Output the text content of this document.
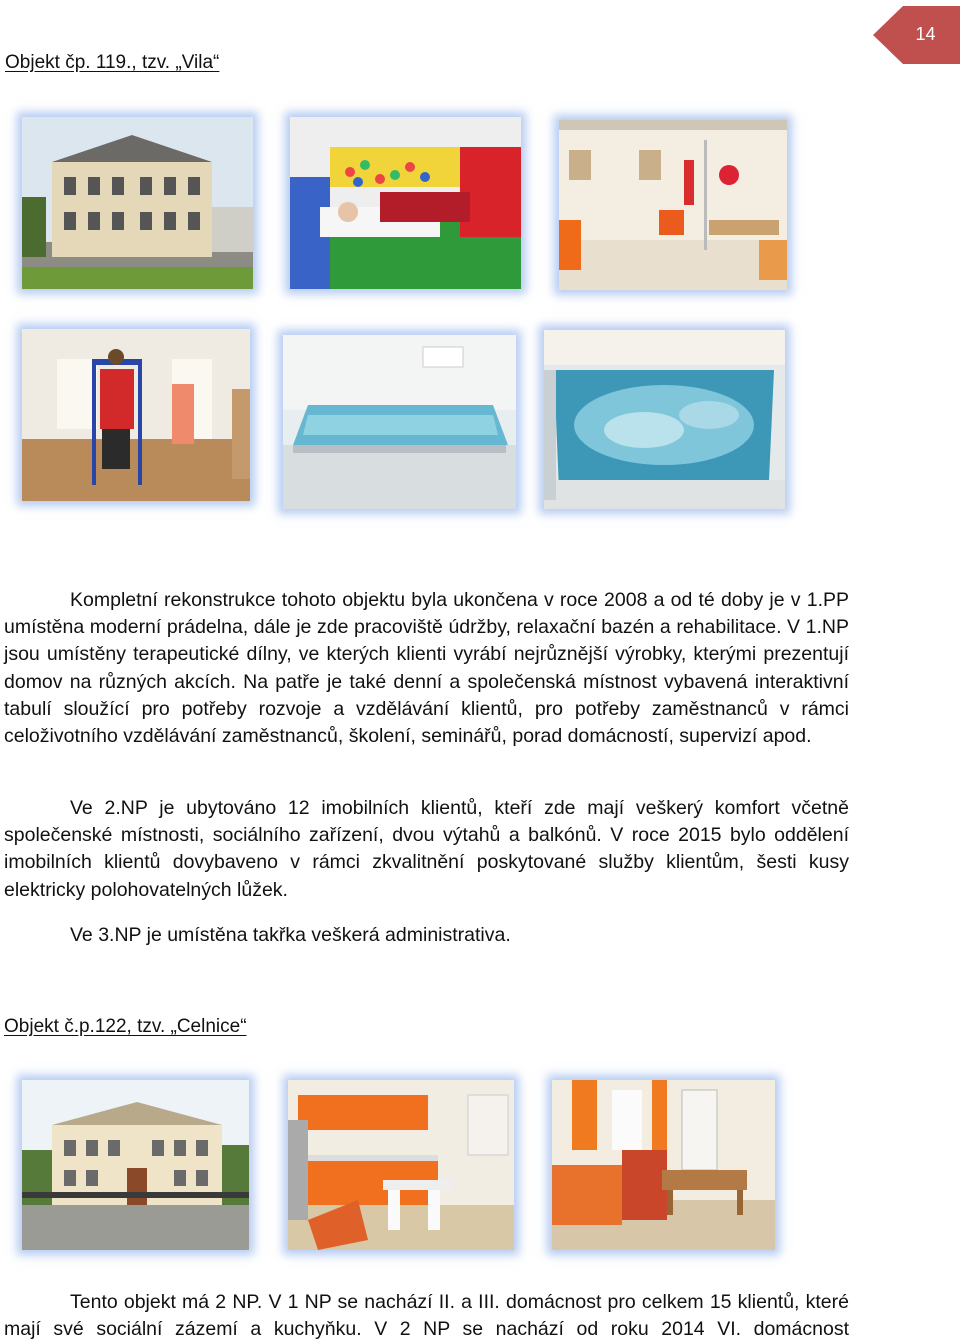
14
Objekt čp. 119., tzv. „Vila“
Kompletní rekonstrukce tohoto objektu byla ukončena v roce 2008 a od té doby je v 1.PP umístěna moderní prádelna, dále je zde pracoviště údržby, relaxační bazén a rehabilitace. V 1.NP jsou umístěny terapeutické dílny, ve kterých klienti vyrábí nejrůznější výrobky, kterými prezentují domov na různých akcích. Na patře je také denní a společenská místnost vybavená interaktivní tabulí sloužící pro potřeby rozvoje a vzdělávání klientů, pro potřeby zaměstnanců v rámci celoživotního vzdělávání zaměstnanců, školení, seminářů, porad domácností, supervizí apod.
Ve 2.NP je ubytováno 12 imobilních klientů, kteří zde mají veškerý komfort včetně společenské místnosti, sociálního zařízení, dvou výtahů a balkónů. V roce 2015 bylo oddělení imobilních klientů dovybaveno v rámci zkvalitnění poskytované služby klientům, šesti kusy elektricky polohovatelných lůžek.
Ve 3.NP je umístěna takřka veškerá administrativa.
Objekt č.p.122, tzv. „Celnice“
Tento objekt má 2 NP. V 1 NP se nachází II. a III. domácnost pro celkem 15 klientů, které mají své sociální zázemí a kuchyňku. V 2 NP se nachází od roku 2014 VI. domácnost
